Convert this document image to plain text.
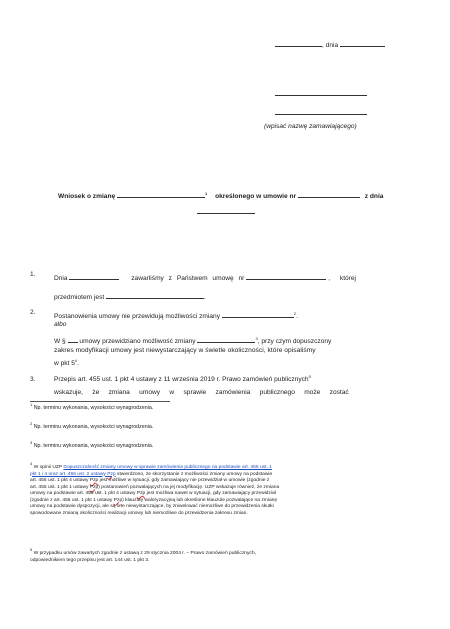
, dnia
(wpisać nazwę zamawiającego)
Wniosek o zmianę	$^1$ określonego w umowie nr	z dnia
1.
Dnia	zawarliśmy z Państwem umowę nr	, której
przedmiotem jest	.
2.
Postanowienia umowy nie przewidują możliwości zmiany	$^2$.
albo
W § umowy przewidziano możliwość zmiany	$^3$, przy czym dopuszczony
zakres modyfikacji umowy jest niewystarczający w świetle okoliczności, które opisaliśmy
w pkt $5^4$.
3.	Przepis art. 455 ust. 1 pkt 4 ustawy z 11 września 2019 r. Prawo zamówień publicznych$^5$
wskazuje, że zmiana umowy w sprawie zamówienia publicznego może zostać
$^1$ Np. terminu wykonania, wysokości wynagrodzenia.
$^2$ Np. terminu wykonania, wysokości wynagrodzenia.
$^3$ Np. terminu wykonania, wysokości wynagrodzenia.
$^4$ W opinii UZP Dopuszczalność zmiany umowy w sprawie zamówienia publicznego na podstawie art. 455 ust. 1
pkt 1 i 4 oraz art. 455 ust. 2 ustawy Pzp stwierdzono, że skorzystanie z możliwości zmiany umowy na podstawie
art. 455 ust. 1 pkt 4 ustawy Pzp jest możliwe w sytuacji, gdy zamawiający nie przewidział w umowie (zgodnie z
art. 455 ust. 1 pkt 1 ustawy Pzp) postanowień pozwalających na jej modyfikację. UZP wskazuje również, że zmiana
umowy na podstawie art. 455 ust. 1 pkt 4 ustawy Pzp jest możliwa nawet w sytuacji, gdy zamawiający przewidział
(zgodnie z art. 455 ust. 1 pkt 1 ustawy Pzp) klauzulę waloryzacyjną lub określone klauzule pozwalające na zmianę
umowy na podstawie dyspozycji, ale są one niewystarczające, by zniwelować niemożliwe do przewidzenia skutki
spowodowane zmianą okoliczności realizacji umowy lub niemożliwe do przewidzenia zakresu zmian.
$^5$ W przypadku umów zawartych zgodnie z ustawą z 29 stycznia 2004 r. – Prawo zamówień publicznych,
odpowiednikiem tego przepisu jest art. 144 ust. 1 pkt 3.
